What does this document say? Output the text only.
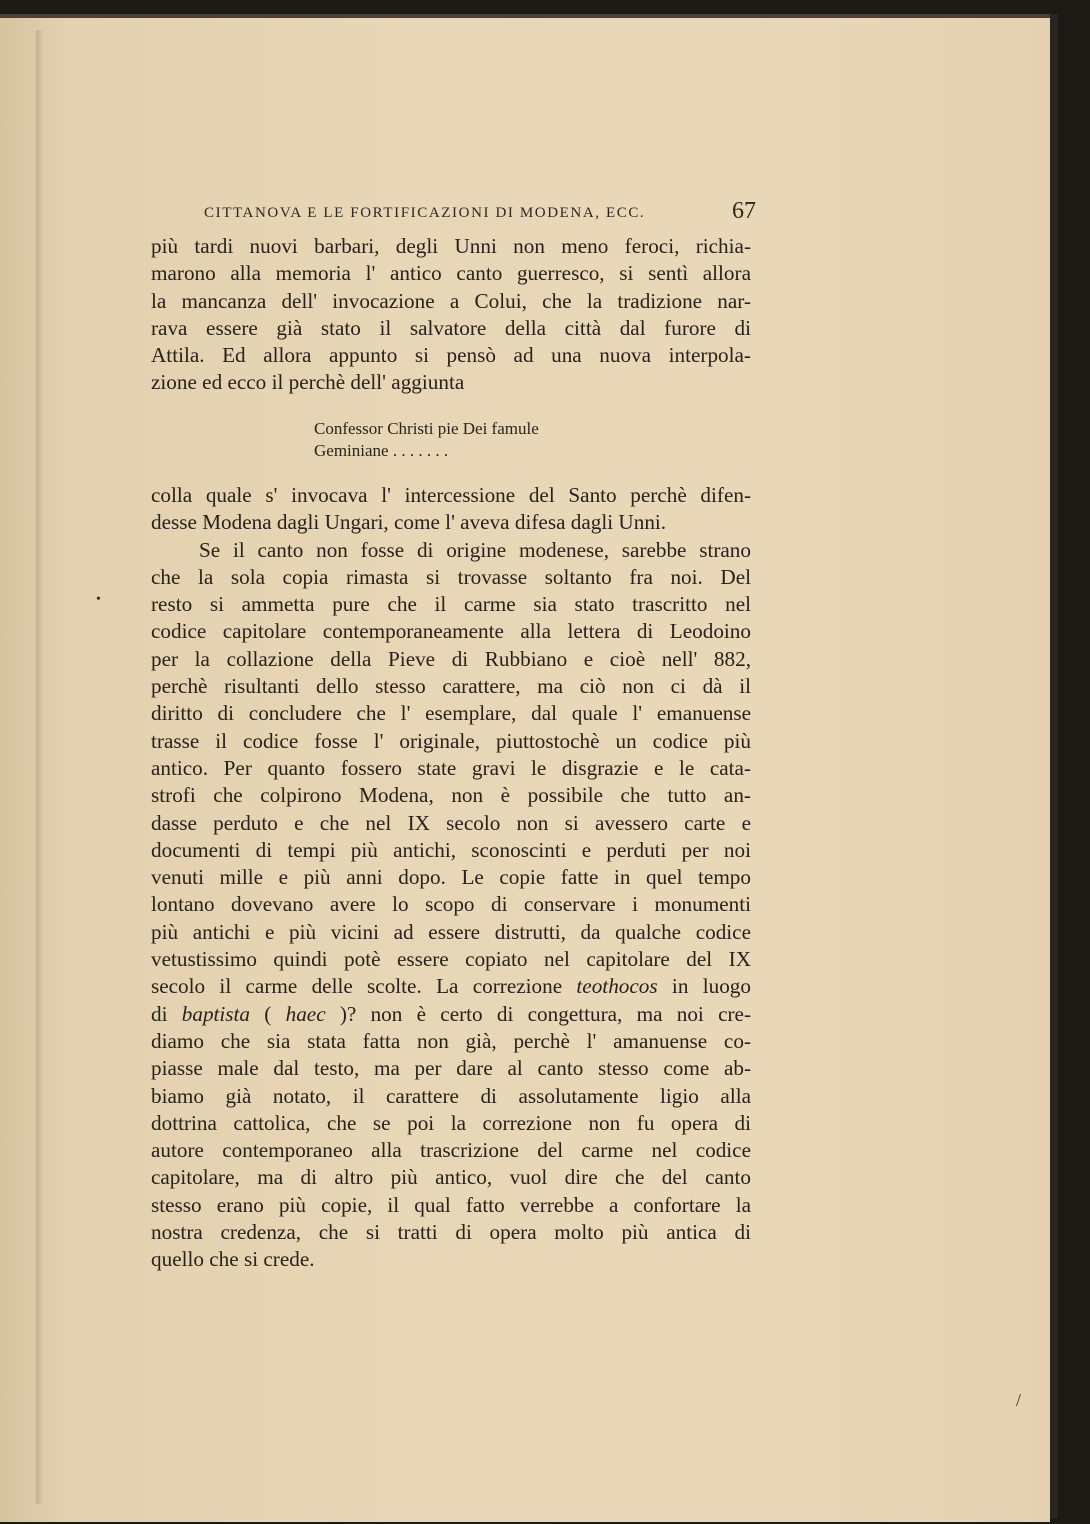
CITTANOVA E LE FORTIFICAZIONI DI MODENA, ECC.	67
più tardi nuovi barbari, degli Unni non meno feroci, richia-
marono alla memoria l' antico canto guerresco, si sentì allora
la mancanza dell' invocazione a Colui, che la tradizione nar-
rava essere già stato il salvatore della città dal furore di
Attila. Ed allora appunto si pensò ad una nuova interpola-
zione ed ecco il perchè dell' aggiunta
Confessor Christi pie Dei famule
Geminiane . . . . . . .
colla quale s' invocava l' intercessione del Santo perchè difen-
desse Modena dagli Ungari, come l' aveva difesa dagli Unni.
Se il canto non fosse di origine modenese, sarebbe strano
che la sola copia rimasta si trovasse soltanto fra noi. Del
resto si ammetta pure che il carme sia stato trascritto nel
codice capitolare contemporaneamente alla lettera di Leodoino
per la collazione della Pieve di Rubbiano e cioè nell' 882,
perchè risultanti dello stesso carattere, ma ciò non ci dà il
diritto di concludere che l' esemplare, dal quale l' emanuense
trasse il codice fosse l' originale, piuttostochè un codice più
antico. Per quanto fossero state gravi le disgrazie e le cata-
strofi che colpirono Modena, non è possibile che tutto an-
dasse perduto e che nel IX secolo non si avessero carte e
documenti di tempi più antichi, sconoscinti e perduti per noi
venuti mille e più anni dopo. Le copie fatte in quel tempo
lontano dovevano avere lo scopo di conservare i monumenti
più antichi e più vicini ad essere distrutti, da qualche codice
vetustissimo quindi potè essere copiato nel capitolare del IX
secolo il carme delle scolte. La correzione teothocos in luogo
di baptista ( haec )? non è certo di congettura, ma noi cre-
diamo che sia stata fatta non già, perchè l' amanuense co-
piasse male dal testo, ma per dare al canto stesso come ab-
biamo già notato, il carattere di assolutamente ligio alla
dottrina cattolica, che se poi la correzione non fu opera di
autore contemporaneo alla trascrizione del carme nel codice
capitolare, ma di altro più antico, vuol dire che del canto
stesso erano più copie, il qual fatto verrebbe a confortare la
nostra credenza, che si tratti di opera molto più antica di
quello che si crede.
•
/
